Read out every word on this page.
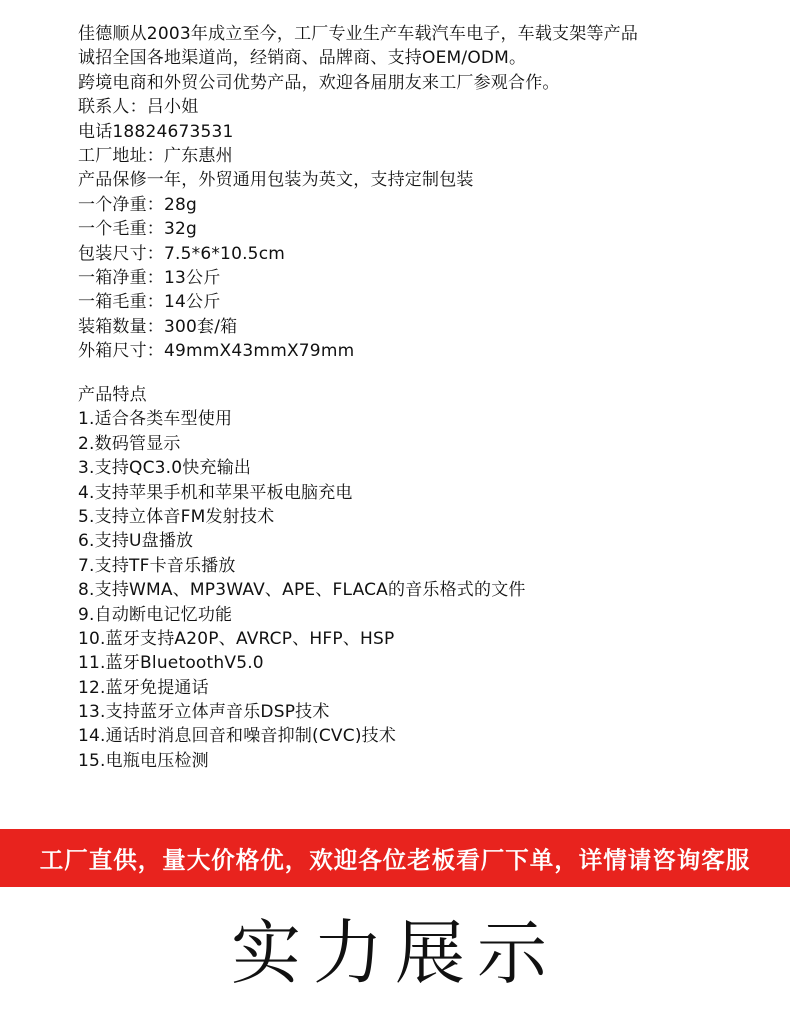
佳德顺从2003年成立至今，工厂专业生产车载汽车电子，车载支架等产品
诚招全国各地渠道尚，经销商、品牌商、支持OEM/ODM。
跨境电商和外贸公司优势产品，欢迎各届朋友来工厂参观合作。
联系人：吕小姐
电话18824673531
工厂地址：广东惠州
产品保修一年，外贸通用包装为英文，支持定制包装
一个净重：28g
一个毛重：32g
包装尺寸：7.5*6*10.5cm
一箱净重：13公斤
一箱毛重：14公斤
装箱数量：300套/箱
外箱尺寸：49mmX43mmX79mm
产品特点
1.适合各类车型使用
2.数码管显示
3.支持QC3.0快充输出
4.支持苹果手机和苹果平板电脑充电
5.支持立体音FM发射技术
6.支持U盘播放
7.支持TF卡音乐播放
8.支持WMA、MP3WAV、APE、FLACA的音乐格式的文件
9.自动断电记忆功能
10.蓝牙支持A20P、AVRCP、HFP、HSP
11.蓝牙BluetoothV5.0
12.蓝牙免提通话
13.支持蓝牙立体声音乐DSP技术
14.通话时消息回音和噪音抑制(CVC)技术
15.电瓶电压检测
工厂直供，量大价格优，欢迎各位老板看厂下单，详情请咨询客服
实力展示
